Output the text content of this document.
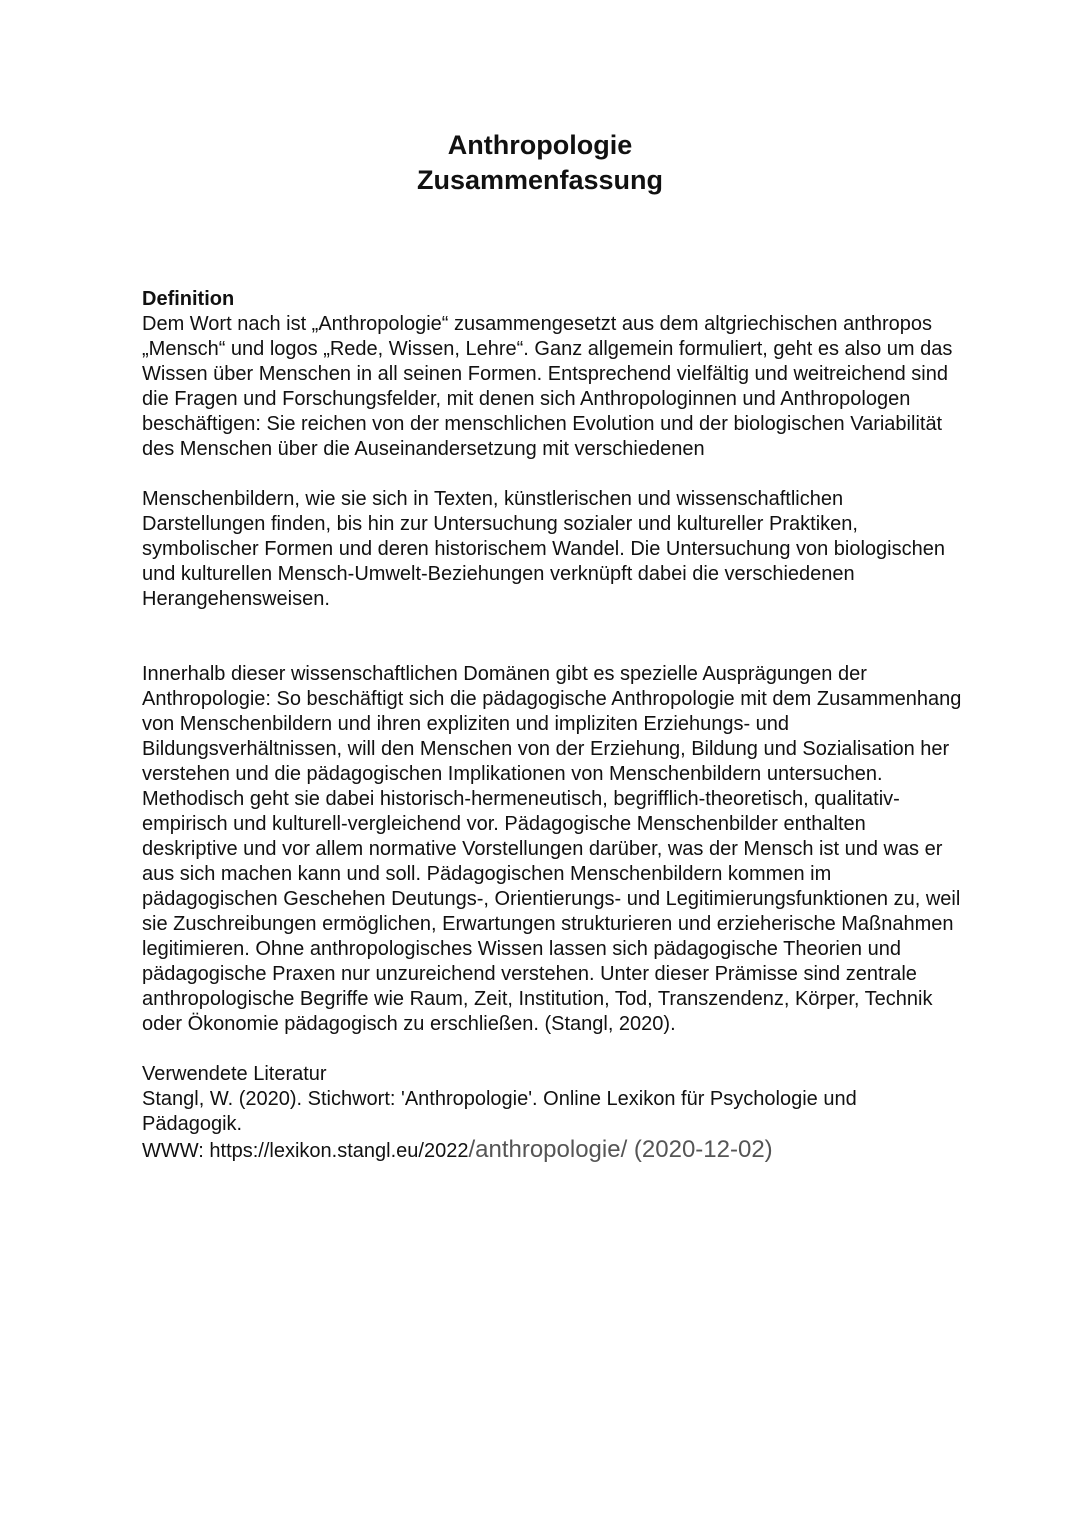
Anthropologie
Zusammenfassung

Definition

Dem Wort nach ist „Anthropologie“ zusammengesetzt aus dem altgriechischen anthropos „Mensch“ und logos „Rede, Wissen, Lehre“. Ganz allgemein formuliert, geht es also um das Wissen über Menschen in all seinen Formen. Entsprechend vielfältig und weitreichend sind die Fragen und Forschungsfelder, mit denen sich Anthropologinnen und Anthropologen beschäftigen: Sie reichen von der menschlichen Evolution und der biologischen Variabilität des Menschen über die Auseinandersetzung mit verschiedenen

Menschenbildern, wie sie sich in Texten, künstlerischen und wissenschaftlichen Darstellungen finden, bis hin zur Untersuchung sozialer und kultureller Praktiken, symbolischer Formen und deren historischem Wandel. Die Untersuchung von biologischen und kulturellen Mensch-Umwelt-Beziehungen verknüpft dabei die verschiedenen Herangehensweisen.

Innerhalb dieser wissenschaftlichen Domänen gibt es spezielle Ausprägungen der Anthropologie: So beschäftigt sich die pädagogische Anthropologie mit dem Zusammenhang von Menschenbildern und ihren expliziten und impliziten Erziehungs- und Bildungsverhältnissen, will den Menschen von der Erziehung, Bildung und Sozialisation her verstehen und die pädagogischen Implikationen von Menschenbildern untersuchen. Methodisch geht sie dabei historisch-hermeneutisch, begrifflich-theoretisch, qualitativ-empirisch und kulturell-vergleichend vor. Pädagogische Menschenbilder enthalten deskriptive und vor allem normative Vorstellungen darüber, was der Mensch ist und was er aus sich machen kann und soll. Pädagogischen Menschenbildern kommen im pädagogischen Geschehen Deutungs-, Orientierungs- und Legitimierungsfunktionen zu, weil sie Zuschreibungen ermöglichen, Erwartungen strukturieren und erzieherische Maßnahmen legitimieren. Ohne anthropologisches Wissen lassen sich pädagogische Theorien und pädagogische Praxen nur unzureichend verstehen. Unter dieser Prämisse sind zentrale anthropologische Begriffe wie Raum, Zeit, Institution, Tod, Transzendenz, Körper, Technik oder Ökonomie pädagogisch zu erschließen. (Stangl, 2020).

Verwendete Literatur

Stangl, W. (2020). Stichwort: 'Anthropologie'. Online Lexikon für Psychologie und Pädagogik.

WWW: https://lexikon.stangl.eu/2022/anthropologie/ (2020-12-02)
